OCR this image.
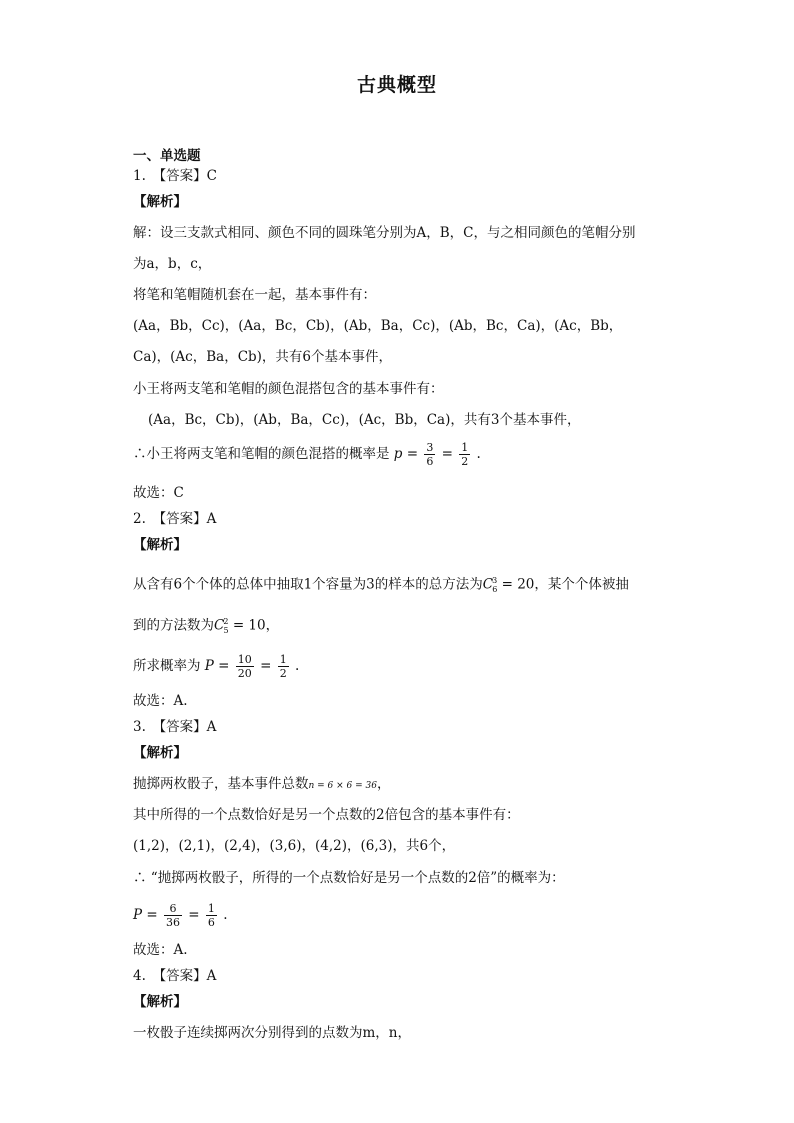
古典概型
一、单选题
1.　【答案】C
【解析】
解：设三支款式相同、颜色不同的圆珠笔分别为A，B，C，与之相同颜色的笔帽分别
为a，b，c，
将笔和笔帽随机套在一起，基本事件有：
(Aa，Bb，Cc)，(Aa，Bc，Cb)，(Ab，Ba，Cc)，(Ab，Bc，Ca)，(Ac，Bb，
Ca)，(Ac，Ba，Cb)，共有6个基本事件，
小王将两支笔和笔帽的颜色混搭包含的基本事件有：
(Aa，Bc，Cb)，(Ab，Ba，Cc)，(Ac，Bb，Ca)，共有3个基本事件，
∴小王将两支笔和笔帽的颜色混搭的概率是 $p = \frac{3}{6} = \frac{1}{2}$ .
故选：C
2.　【答案】A
【解析】
从含有6个个体的总体中抽取1个容量为3的样本的总方法为$C^3_6 = 20$，某个个体被抽
到的方法数为$C^2_5 = 10$，
所求概率为 $P = \frac{10}{20} = \frac{1}{2}$ .
故选：A.
3.　【答案】A
【解析】
抛掷两枚骰子，基本事件总数n = 6 × 6 = 36，
其中所得的一个点数恰好是另一个点数的2倍包含的基本事件有：
(1,2)，(2,1)，(2,4)，(3,6)，(4,2)，(6,3)，共6个，
∴ “抛掷两枚骰子，所得的一个点数恰好是另一个点数的2倍”的概率为：
$P = \frac{6}{36} = \frac{1}{6}$ .
故选：A.
4.　【答案】A
【解析】
一枚骰子连续掷两次分别得到的点数为m，n，
